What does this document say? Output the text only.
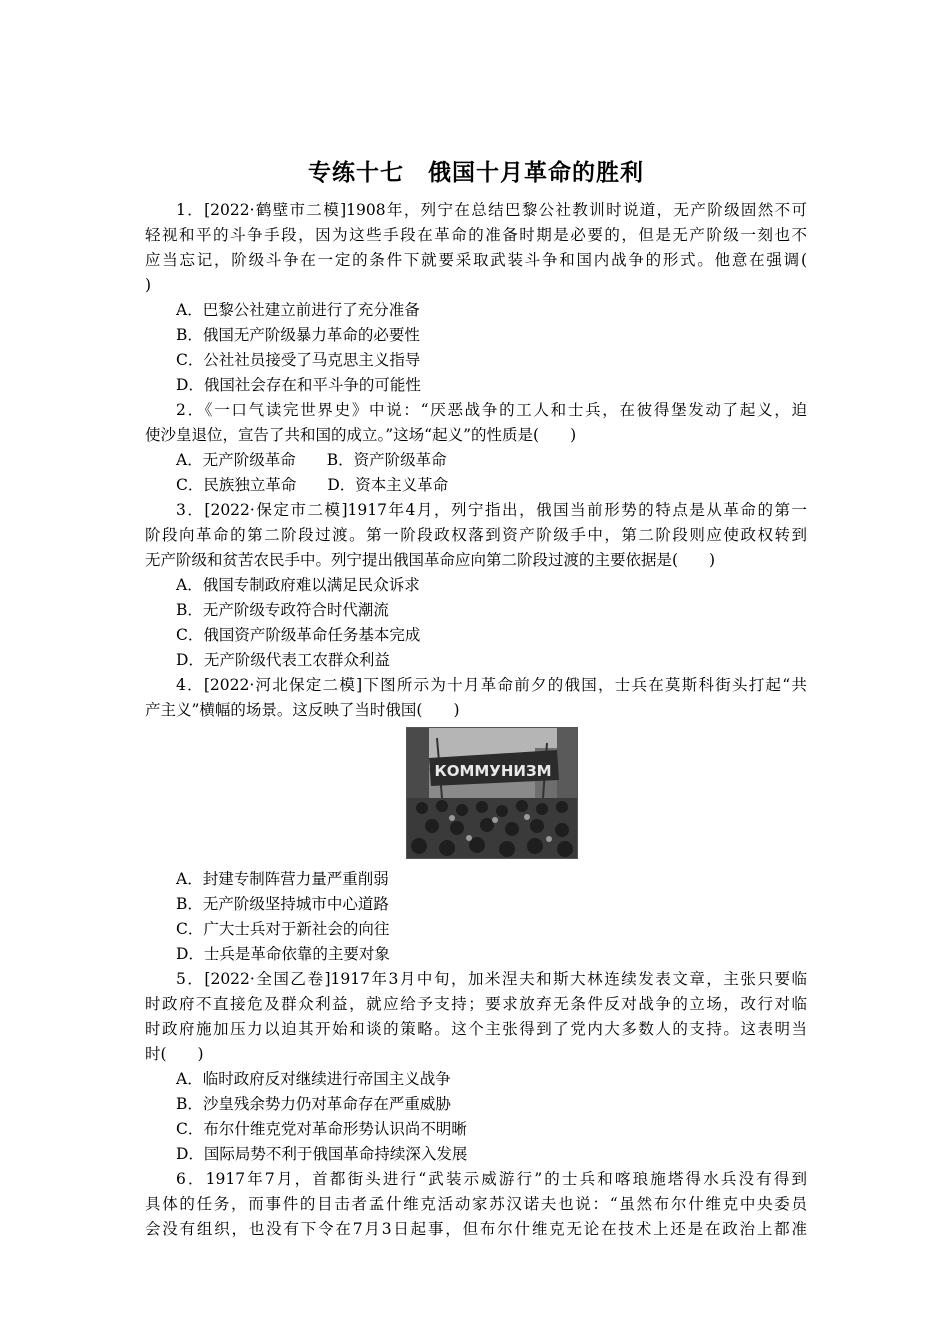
专练十七　俄国十月革命的胜利
1．[2022·鹤壁市二模]1908年，列宁在总结巴黎公社教训时说道，无产阶级固然不可
轻视和平的斗争手段，因为这些手段在革命的准备时期是必要的，但是无产阶级一刻也不
应当忘记，阶级斗争在一定的条件下就要采取武装斗争和国内战争的形式。他意在强调(
)
A．巴黎公社建立前进行了充分准备
B．俄国无产阶级暴力革命的必要性
C．公社社员接受了马克思主义指导
D．俄国社会存在和平斗争的可能性
2．《一口气读完世界史》中说：“厌恶战争的工人和士兵，在彼得堡发动了起义，迫
使沙皇退位，宣告了共和国的成立。”这场“起义”的性质是(　　)
A．无产阶级革命　　B．资产阶级革命
C．民族独立革命　　D．资本主义革命
3．[2022·保定市二模]1917年4月，列宁指出，俄国当前形势的特点是从革命的第一
阶段向革命的第二阶段过渡。第一阶段政权落到资产阶级手中，第二阶段则应使政权转到
无产阶级和贫苦农民手中。列宁提出俄国革命应向第二阶段过渡的主要依据是(　　)
A．俄国专制政府难以满足民众诉求
B．无产阶级专政符合时代潮流
C．俄国资产阶级革命任务基本完成
D．无产阶级代表工农群众利益
4．[2022·河北保定二模]下图所示为十月革命前夕的俄国，士兵在莫斯科街头打起“共
产主义”横幅的场景。这反映了当时俄国(　　)
КОММУНИЗМ
A．封建专制阵营力量严重削弱
B．无产阶级坚持城市中心道路
C．广大士兵对于新社会的向往
D．士兵是革命依靠的主要对象
5．[2022·全国乙卷]1917年3月中旬，加米涅夫和斯大林连续发表文章，主张只要临
时政府不直接危及群众利益，就应给予支持；要求放弃无条件反对战争的立场，改行对临
时政府施加压力以迫其开始和谈的策略。这个主张得到了党内大多数人的支持。这表明当
时(　　)
A．临时政府反对继续进行帝国主义战争
B．沙皇残余势力仍对革命存在严重威胁
C．布尔什维克党对革命形势认识尚不明晰
D．国际局势不利于俄国革命持续深入发展
6．1917年7月，首都街头进行“武装示威游行”的士兵和喀琅施塔得水兵没有得到
具体的任务，而事件的目击者孟什维克活动家苏汉诺夫也说：“虽然布尔什维克中央委员
会没有组织，也没有下令在7月3日起事，但布尔什维克无论在技术上还是在政治上都准
